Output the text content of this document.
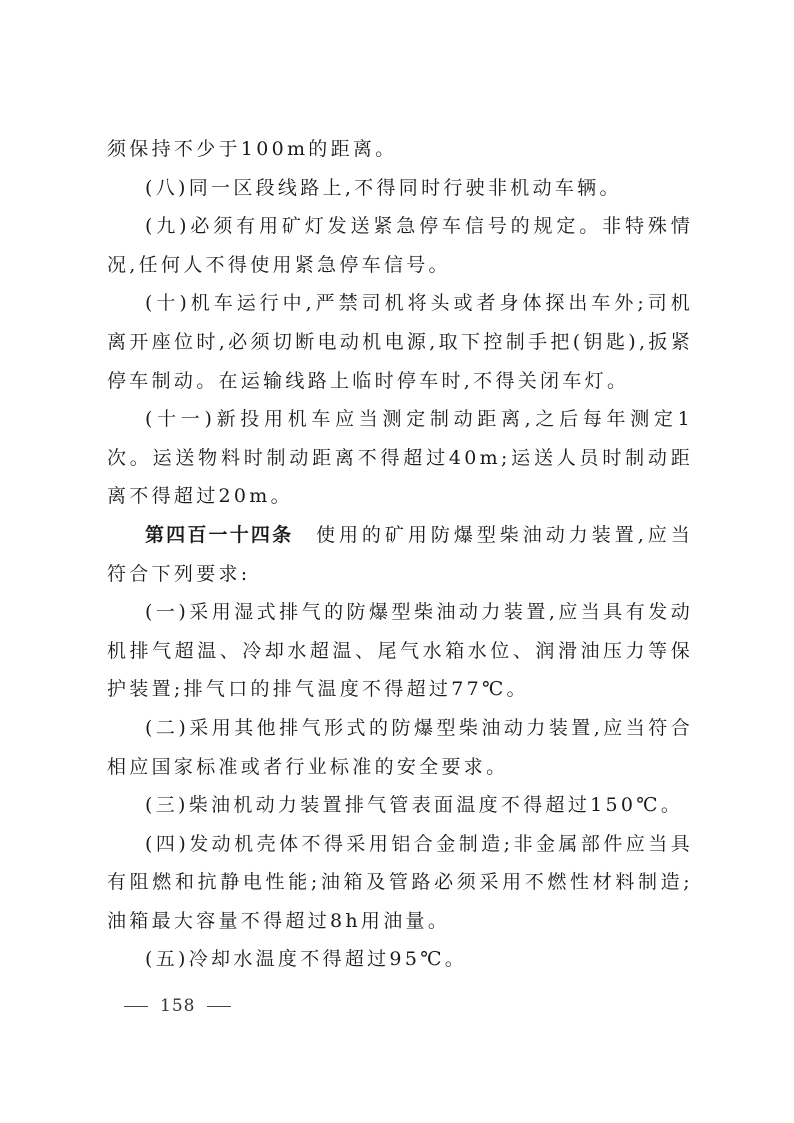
须保持不少于100m的距离。

(八)同一区段线路上,不得同时行驶非机动车辆。

(九)必须有用矿灯发送紧急停车信号的规定。非特殊情况,任何人不得使用紧急停车信号。

(十)机车运行中,严禁司机将头或者身体探出车外;司机离开座位时,必须切断电动机电源,取下控制手把(钥匙),扳紧停车制动。在运输线路上临时停车时,不得关闭车灯。

(十一)新投用机车应当测定制动距离,之后每年测定1次。运送物料时制动距离不得超过40m;运送人员时制动距离不得超过20m。

第四百一十四条 使用的矿用防爆型柴油动力装置,应当符合下列要求:

(一)采用湿式排气的防爆型柴油动力装置,应当具有发动机排气超温、冷却水超温、尾气水箱水位、润滑油压力等保护装置;排气口的排气温度不得超过77℃。

(二)采用其他排气形式的防爆型柴油动力装置,应当符合相应国家标准或者行业标准的安全要求。

(三)柴油机动力装置排气管表面温度不得超过150℃。

(四)发动机壳体不得采用铝合金制造;非金属部件应当具有阻燃和抗静电性能;油箱及管路必须采用不燃性材料制造;油箱最大容量不得超过8h用油量。

(五)冷却水温度不得超过95℃。

158
